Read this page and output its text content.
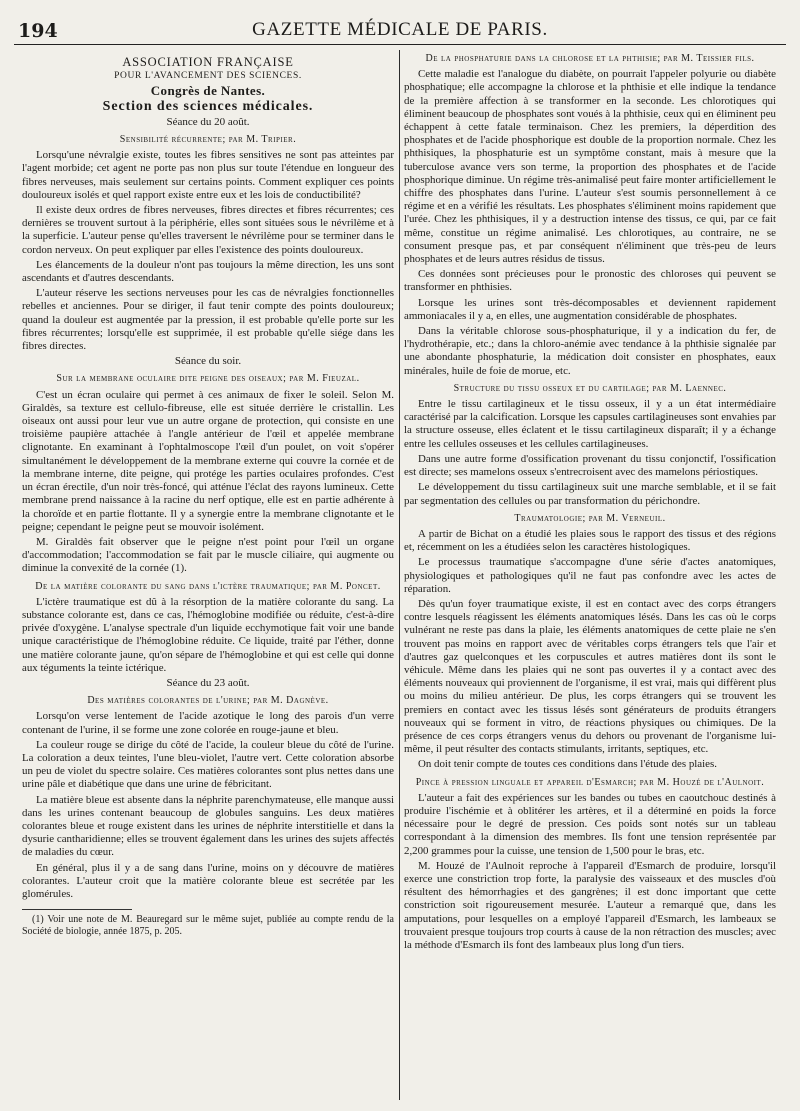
194	GAZETTE MÉDICALE DE PARIS.
ASSOCIATION FRANÇAISE
POUR L'AVANCEMENT DES SCIENCES.
Congrès de Nantes.
Section des sciences médicales.
Séance du 20 août.
Sensibilité récurrente; par M. Tripier.

Lorsqu'une névralgie existe, toutes les fibres sensitives ne sont pas atteintes par l'agent morbide; cet agent ne porte pas non plus sur toute l'étendue en longueur des fibres nerveuses, mais seulement sur certains points. Comment expliquer ces points douloureux isolés et quel rapport existe entre eux et les lois de conductibilité?

Il existe deux ordres de fibres nerveuses, fibres directes et fibres récurrentes; ces dernières se trouvent surtout à la périphérie, elles sont situées sous le névrilème et à la superficie. L'auteur pense qu'elles traversent le névrilème pour se terminer dans le cordon nerveux. On peut expliquer par elles l'existence des points douloureux.

Les élancements de la douleur n'ont pas toujours la même direction, les uns sont ascendants et d'autres descendants.

L'auteur réserve les sections nerveuses pour les cas de névralgies fonctionnelles rebelles et anciennes. Pour se diriger, il faut tenir compte des points douloureux; quand la douleur est augmentée par la pression, il est probable qu'elle porte sur les fibres récurrentes; lorsqu'elle est supprimée, il est probable qu'elle siége dans les fibres directes.

Séance du soir.
Sur la membrane oculaire dite peigne des oiseaux; par M. Fieuzal.

C'est un écran oculaire qui permet à ces animaux de fixer le soleil. Selon M. Giraldès, sa texture est cellulo-fibreuse, elle est située derrière le cristallin. Les oiseaux ont aussi pour leur vue un autre organe de protection, qui consiste en une troisième paupière attachée à l'angle antérieur de l'œil et appelée membrane clignotante. En examinant à l'ophtalmoscope l'œil d'un poulet, on voit s'opérer simultanément le développement de la membrane externe qui couvre la cornée et de la membrane interne, dite peigne, qui protége les parties oculaires profondes. C'est un écran érectile, d'un noir très-foncé, qui atténue l'éclat des rayons lumineux. Cette membrane prend naissance à la racine du nerf optique, elle est en partie adhérente à la choroïde et en partie flottante. Il y a synergie entre la membrane clignotante et le peigne; cependant le peigne peut se mouvoir isolément.

M. Giraldès fait observer que le peigne n'est point pour l'œil un organe d'accommodation; l'accommodation se fait par le muscle ciliaire, qui augmente ou diminue la convexité de la cornée (1).

De la matière colorante du sang dans l'ictère traumatique; par M. Poncet.

L'ictère traumatique est dû à la résorption de la matière colorante du sang. La substance colorante est, dans ce cas, l'hémoglobine modifiée ou réduite, c'est-à-dire privée d'oxygène. L'analyse spectrale d'un liquide ecchymotique fait voir une bande unique caractéristique de l'hémoglobine réduite. Ce liquide, traité par l'éther, donne une matière colorante jaune, qu'on sépare de l'hémoglobine et qui est celle qui donne aux téguments la teinte ictérique.

Séance du 23 août.
Des matières colorantes de l'urine; par M. Dagnève.

Lorsqu'on verse lentement de l'acide azotique le long des parois d'un verre contenant de l'urine, il se forme une zone colorée en rouge-jaune et bleu.

La couleur rouge se dirige du côté de l'acide, la couleur bleue du côté de l'urine. La coloration a deux teintes, l'une bleu-violet, l'autre vert. Cette coloration absorbe un peu de violet du spectre solaire. Ces matières colorantes sont plus nettes dans une urine pâle et diabétique que dans une urine de fébricitant.

La matière bleue est absente dans la néphrite parenchymateuse, elle manque aussi dans les urines contenant beaucoup de globules sanguins. Les deux matières colorantes bleue et rouge existent dans les urines de néphrite interstitielle et dans la dysurie cantharidienne; elles se trouvent également dans les urines des sujets affectés de maladies du cœur.

En général, plus il y a de sang dans l'urine, moins on y découvre de matières colorantes. L'auteur croit que la matière colorante bleue est secrétée par les glomérules.

(1) Voir une note de M. Beauregard sur le même sujet, publiée au compte rendu de la Société de biologie, année 1875, p. 205.

De la phosphaturie dans la chlorose et la phthisie; par M. Teissier fils.

Cette maladie est l'analogue du diabète, on pourrait l'appeler polyurie ou diabète phosphatique; elle accompagne la chlorose et la phthisie et elle indique la tendance de la première affection à se transformer en la seconde. Les chlorotiques qui éliminent beaucoup de phosphates sont voués à la phthisie, ceux qui en éliminent peu échappent à cette fatale terminaison. Chez les premiers, la déperdition des phosphates et de l'acide phosphorique est double de la proportion normale. Chez les phthisiques, la phosphaturie est un symptôme constant, mais à mesure que la tuberculose avance vers son terme, la proportion des phosphates et de l'acide phosphorique diminue. Un régime très-animalisé peut faire monter artificiellement le chiffre des phosphates dans l'urine. L'auteur s'est soumis personnellement à ce régime et en a vérifié les résultats. Les phosphates s'éliminent moins rapidement que l'urée. Chez les phthisiques, il y a destruction intense des tissus, ce qui, par ce fait même, constitue un régime animalisé. Les chlorotiques, au contraire, ne se consument presque pas, et par conséquent n'éliminent que très-peu de leurs phosphates et de leurs autres résidus de tissus.

Ces données sont précieuses pour le pronostic des chloroses qui peuvent se transformer en phthisies.

Lorsque les urines sont très-décomposables et deviennent rapidement ammoniacales il y a, en elles, une augmentation considérable de phosphates.

Dans la véritable chlorose sous-phosphaturique, il y a indication du fer, de l'hydrothérapie, etc.; dans la chloro-anémie avec tendance à la phthisie signalée par une abondante phosphaturie, la médication doit consister en phosphates, eaux minérales, huile de foie de morue, etc.

Structure du tissu osseux et du cartilage; par M. Laennec.

Entre le tissu cartilagineux et le tissu osseux, il y a un état intermédiaire caractérisé par la calcification. Lorsque les capsules cartilagineuses sont envahies par la structure osseuse, elles éclatent et le tissu cartilagineux disparaît; il y a échange entre les cellules osseuses et les cellules cartilagineuses.

Dans une autre forme d'ossification provenant du tissu conjonctif, l'ossification est directe; ses mamelons osseux s'entrecroisent avec des mamelons périostiques.

Le développement du tissu cartilagineux suit une marche semblable, et il se fait par segmentation des cellules ou par transformation du périchondre.

Traumatologie; par M. Verneuil.

A partir de Bichat on a étudié les plaies sous le rapport des tissus et des régions et, récemment on les a étudiées selon les caractères histologiques.

Le processus traumatique s'accompagne d'une série d'actes anatomiques, physiologiques et pathologiques qu'il ne faut pas confondre avec les actes de réparation.

Dès qu'un foyer traumatique existe, il est en contact avec des corps étrangers contre lesquels réagissent les éléments anatomiques lésés. Dans les cas où le corps vulnérant ne reste pas dans la plaie, les éléments anatomiques de cette plaie ne s'en trouvent pas moins en rapport avec de véritables corps étrangers tels que l'air et d'autres gaz quelconques et les corpuscules et autres matières dont ils sont le véhicule. Même dans les plaies qui ne sont pas ouvertes il y a contact avec des éléments nouveaux qui proviennent de l'organisme, il est vrai, mais qui diffèrent plus ou moins du milieu antérieur. De plus, les corps étrangers qui se trouvent les premiers en contact avec les tissus lésés sont générateurs de produits étrangers nouveaux qui se forment in vitro, de réactions physiques ou chimiques. De la présence de ces corps étrangers venus du dehors ou provenant de l'organisme lui-même, il peut résulter des contacts stimulants, irritants, septiques, etc.

On doit tenir compte de toutes ces conditions dans l'étude des plaies.

Pince à pression linguale et appareil d'Esmarch; par M. Houzé de l'Aulnoit.

L'auteur a fait des expériences sur les bandes ou tubes en caoutchouc destinés à produire l'ischémie et à oblitérer les artères, et il a déterminé en poids la force nécessaire pour le degré de pression. Ces poids sont notés sur un tableau correspondant à la dimension des membres. Ils font une tension représentée par 2,200 grammes pour la cuisse, une tension de 1,500 pour le bras, etc.

M. Houzé de l'Aulnoit reproche à l'appareil d'Esmarch de produire, lorsqu'il exerce une constriction trop forte, la paralysie des vaisseaux et des muscles d'où résultent des hémorrhagies et des gangrènes; il est donc important que cette constriction soit rigoureusement mesurée. L'auteur a remarqué que, dans les amputations, pour lesquelles on a employé l'appareil d'Esmarch, les lambeaux se trouvaient presque toujours trop courts à cause de la non rétraction des muscles; avec la méthode d'Esmarch ils font des lambeaux plus long d'un tiers.
